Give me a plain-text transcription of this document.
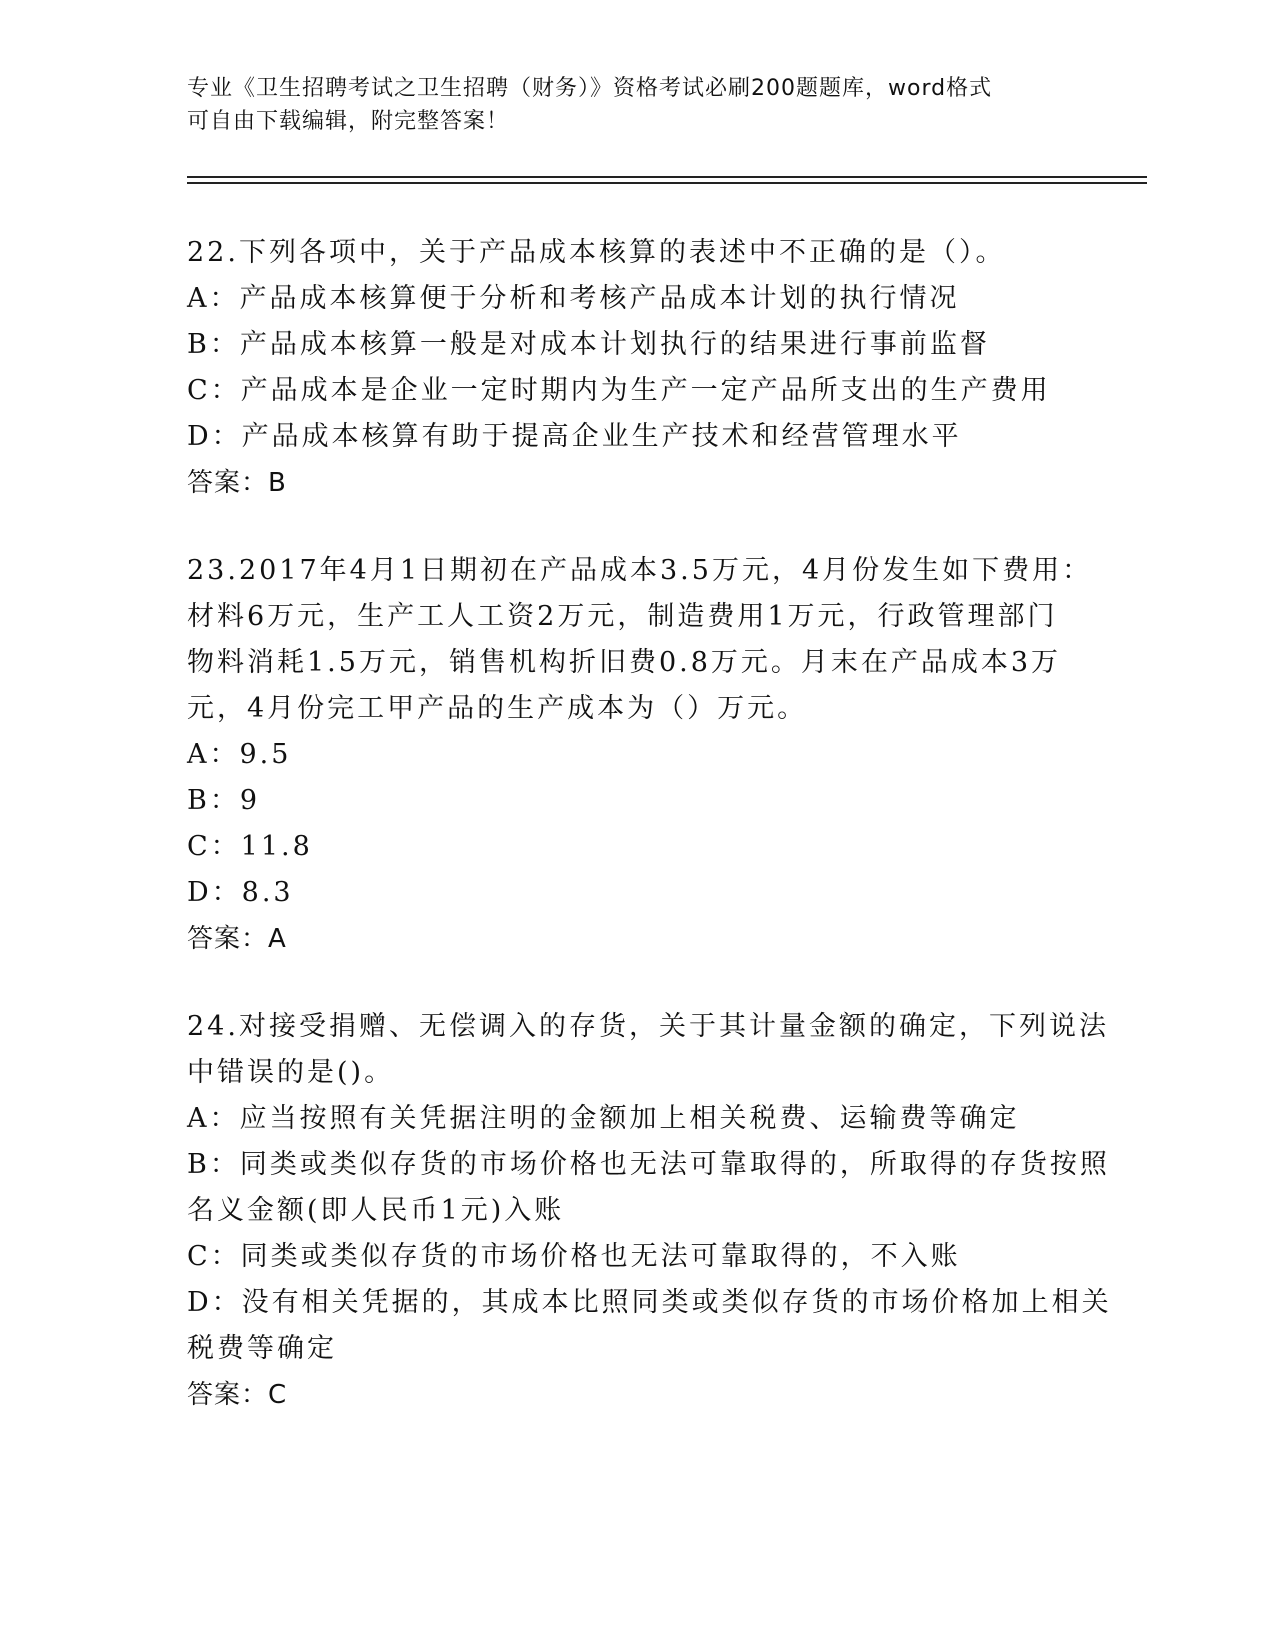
专业《卫生招聘考试之卫生招聘（财务）》资格考试必刷200题题库，word格式
可自由下载编辑，附完整答案！
22.下列各项中，关于产品成本核算的表述中不正确的是（）。
A：产品成本核算便于分析和考核产品成本计划的执行情况
B：产品成本核算一般是对成本计划执行的结果进行事前监督
C：产品成本是企业一定时期内为生产一定产品所支出的生产费用
D：产品成本核算有助于提高企业生产技术和经营管理水平
答案：B
23.2017年4月1日期初在产品成本3.5万元，4月份发生如下费用：
材料6万元，生产工人工资2万元，制造费用1万元，行政管理部门
物料消耗1.5万元，销售机构折旧费0.8万元。月末在产品成本3万
元，4月份完工甲产品的生产成本为（）万元。
A：9.5
B：9
C：11.8
D：8.3
答案：A
24.对接受捐赠、无偿调入的存货，关于其计量金额的确定，下列说法
中错误的是()。
A：应当按照有关凭据注明的金额加上相关税费、运输费等确定
B：同类或类似存货的市场价格也无法可靠取得的，所取得的存货按照
名义金额(即人民币1元)入账
C：同类或类似存货的市场价格也无法可靠取得的，不入账
D：没有相关凭据的，其成本比照同类或类似存货的市场价格加上相关
税费等确定
答案：C
